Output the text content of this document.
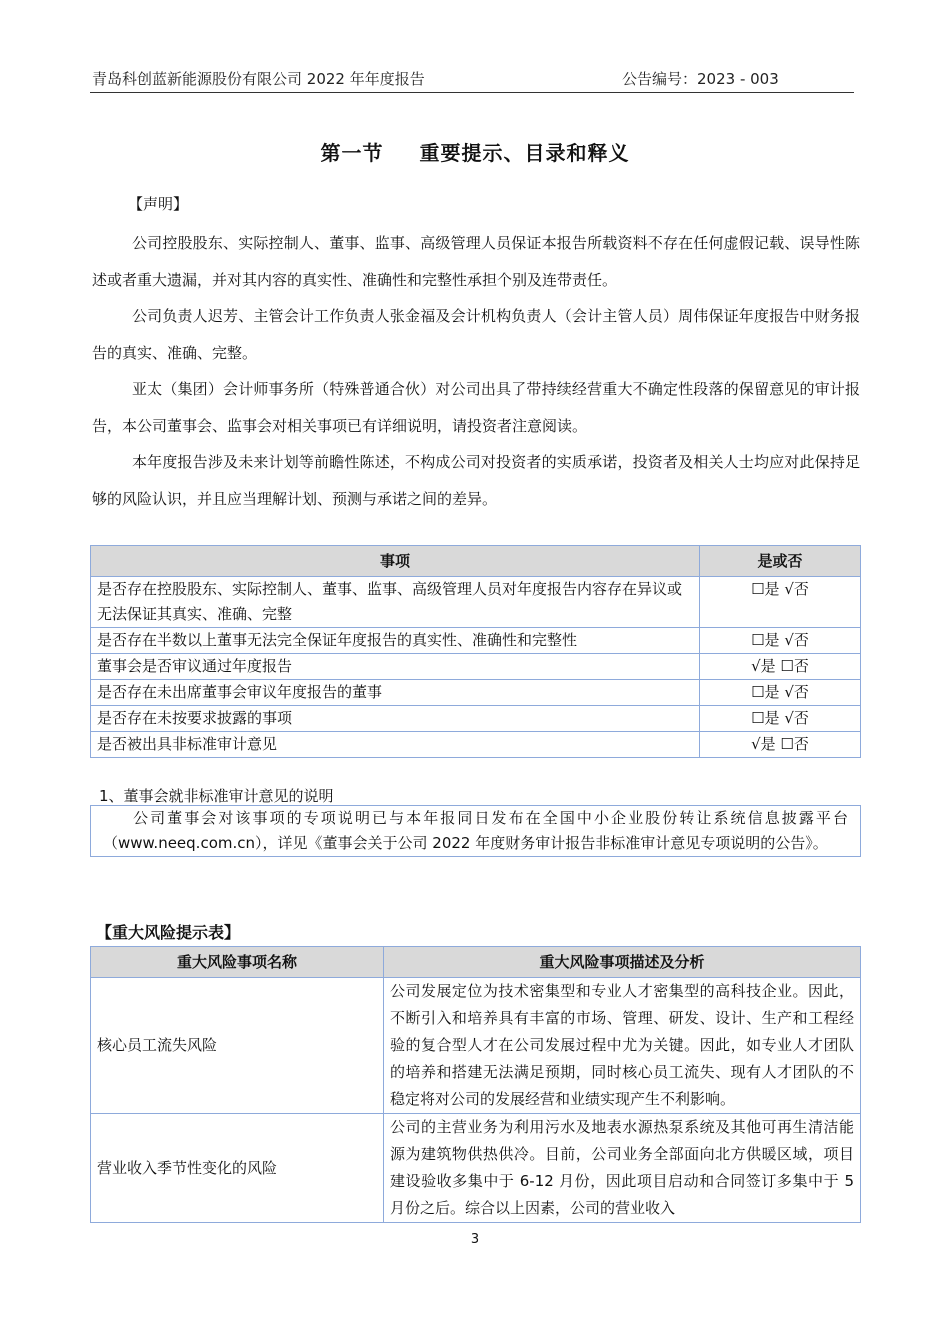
青岛科创蓝新能源股份有限公司 2022 年年度报告	公告编号：2023 - 003
第一节 重要提示、目录和释义
【声明】
公司控股股东、实际控制人、董事、监事、高级管理人员保证本报告所载资料不存在任何虚假记载、误导性陈述或者重大遗漏，并对其内容的真实性、准确性和完整性承担个别及连带责任。
公司负责人迟芳、主管会计工作负责人张金福及会计机构负责人（会计主管人员）周伟保证年度报告中财务报告的真实、准确、完整。
亚太（集团）会计师事务所（特殊普通合伙）对公司出具了带持续经营重大不确定性段落的保留意见的审计报告，本公司董事会、监事会对相关事项已有详细说明，请投资者注意阅读。
本年度报告涉及未来计划等前瞻性陈述，不构成公司对投资者的实质承诺，投资者及相关人士均应对此保持足够的风险认识，并且应当理解计划、预测与承诺之间的差异。
事项	是或否
是否存在控股股东、实际控制人、董事、监事、高级管理人员对年度报告内容存在异议或无法保证其真实、准确、完整	☐是 √否
是否存在半数以上董事无法完全保证年度报告的真实性、准确性和完整性	☐是 √否
董事会是否审议通过年度报告	√是 ☐否
是否存在未出席董事会审议年度报告的董事	☐是 √否
是否存在未按要求披露的事项	☐是 √否
是否被出具非标准审计意见	√是 ☐否
1、董事会就非标准审计意见的说明
公司董事会对该事项的专项说明已与本年报同日发布在全国中小企业股份转让系统信息披露平台（www.neeq.com.cn），详见《董事会关于公司 2022 年度财务审计报告非标准审计意见专项说明的公告》。
【重大风险提示表】
重大风险事项名称	重大风险事项描述及分析
核心员工流失风险	公司发展定位为技术密集型和专业人才密集型的高科技企业。因此，不断引入和培养具有丰富的市场、管理、研发、设计、生产和工程经验的复合型人才在公司发展过程中尤为关键。因此，如专业人才团队的培养和搭建无法满足预期，同时核心员工流失、现有人才团队的不稳定将对公司的发展经营和业绩实现产生不利影响。
营业收入季节性变化的风险	公司的主营业务为利用污水及地表水源热泵系统及其他可再生清洁能源为建筑物供热供冷。目前，公司业务全部面向北方供暖区域，项目建设验收多集中于 6-12 月份，因此项目启动和合同签订多集中于 5 月份之后。综合以上因素，公司的营业收入
3
